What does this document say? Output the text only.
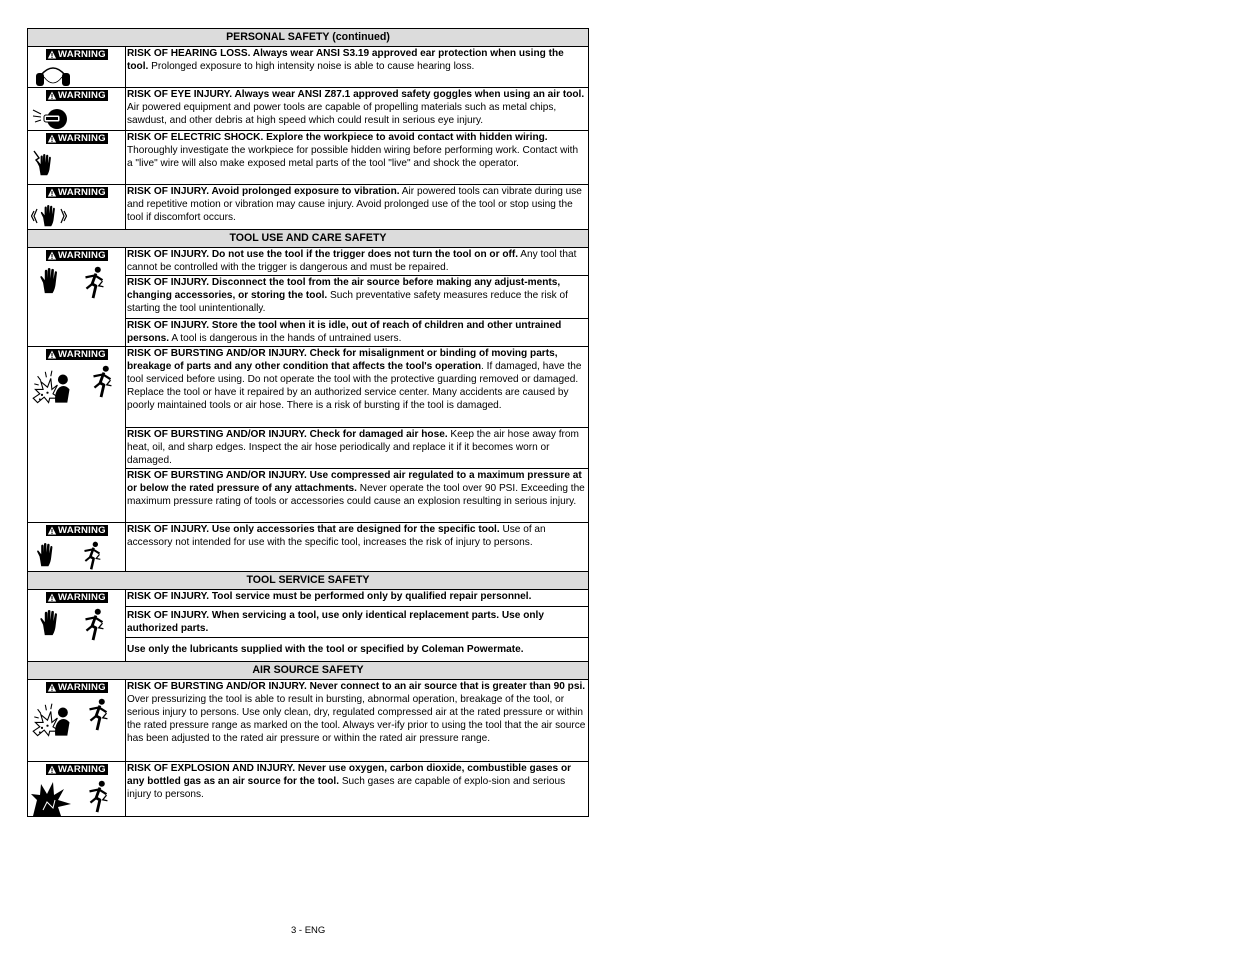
PERSONAL SAFETY (continued)	

WARNING	RISK OF HEARING LOSS. Always wear ANSI S3.19 approved ear protection when using the tool. Prolonged exposure to high intensity noise is able to cause hearing loss.

WARNING	RISK OF EYE INJURY. Always wear ANSI Z87.1 approved safety goggles when using an air tool. Air powered equipment and power tools are capable of propelling materials such as metal chips, sawdust, and other debris at high speed which could result in serious eye injury.

WARNING	RISK OF ELECTRIC SHOCK. Explore the workpiece to avoid contact with hidden wiring. Thoroughly investigate the workpiece for possible hidden wiring before performing work. Contact with a "live" wire will also make exposed metal parts of the tool "live" and shock the operator.

WARNING	RISK OF INJURY. Avoid prolonged exposure to vibration. Air powered tools can vibrate during use and repetitive motion or vibration may cause injury. Avoid prolonged use of the tool or stop using the tool if discomfort occurs.
TOOL USE AND CARE SAFETY	

WARNING	RISK OF INJURY. Do not use the tool if the trigger does not turn the tool on or off. Any tool that cannot be controlled with the trigger is dangerous and must be repaired.
	RISK OF INJURY. Disconnect the tool from the air source before making any adjust-ments, changing accessories, or storing the tool. Such preventative safety measures reduce the risk of starting the tool unintentionally.
	RISK OF INJURY. Store the tool when it is idle, out of reach of children and other untrained persons. A tool is dangerous in the hands of untrained users.

WARNING	RISK OF BURSTING AND/OR INJURY. Check for misalignment or binding of moving parts, breakage of parts and any other condition that affects the tool's operation. If damaged, have the tool serviced before using. Do not operate the tool with the protective guarding removed or damaged. Replace the tool or have it repaired by an authorized service center. Many accidents are caused by poorly maintained tools or air hose. There is a risk of bursting if the tool is damaged.
	RISK OF BURSTING AND/OR INJURY. Check for damaged air hose. Keep the air hose away from heat, oil, and sharp edges. Inspect the air hose periodically and replace it if it becomes worn or damaged.
	RISK OF BURSTING AND/OR INJURY. Use compressed air regulated to a maximum pressure at or below the rated pressure of any attachments. Never operate the tool over 90 PSI. Exceeding the maximum pressure rating of tools or accessories could cause an explosion resulting in serious injury.

WARNING	RISK OF INJURY. Use only accessories that are designed for the specific tool. Use of an accessory not intended for use with the specific tool, increases the risk of injury to persons.
TOOL SERVICE SAFETY	

WARNING	RISK OF INJURY. Tool service must be performed only by qualified repair personnel.
	RISK OF INJURY. When servicing a tool, use only identical replacement parts. Use only authorized parts.
	Use only the lubricants supplied with the tool or specified by Coleman Powermate.
AIR SOURCE SAFETY	

WARNING	RISK OF BURSTING AND/OR INJURY. Never connect to an air source that is greater than 90 psi. Over pressurizing the tool is able to result in bursting, abnormal operation, breakage of the tool, or serious injury to persons. Use only clean, dry, regulated compressed air at the rated pressure or within the rated pressure range as marked on the tool. Always ver-ify prior to using the tool that the air source has been adjusted to the rated air pressure or within the rated air pressure range.

WARNING	RISK OF EXPLOSION AND INJURY. Never use oxygen, carbon dioxide, combustible gases or any bottled gas as an air source for the tool. Such gases are capable of explo-sion and serious injury to persons.
3 - ENG
